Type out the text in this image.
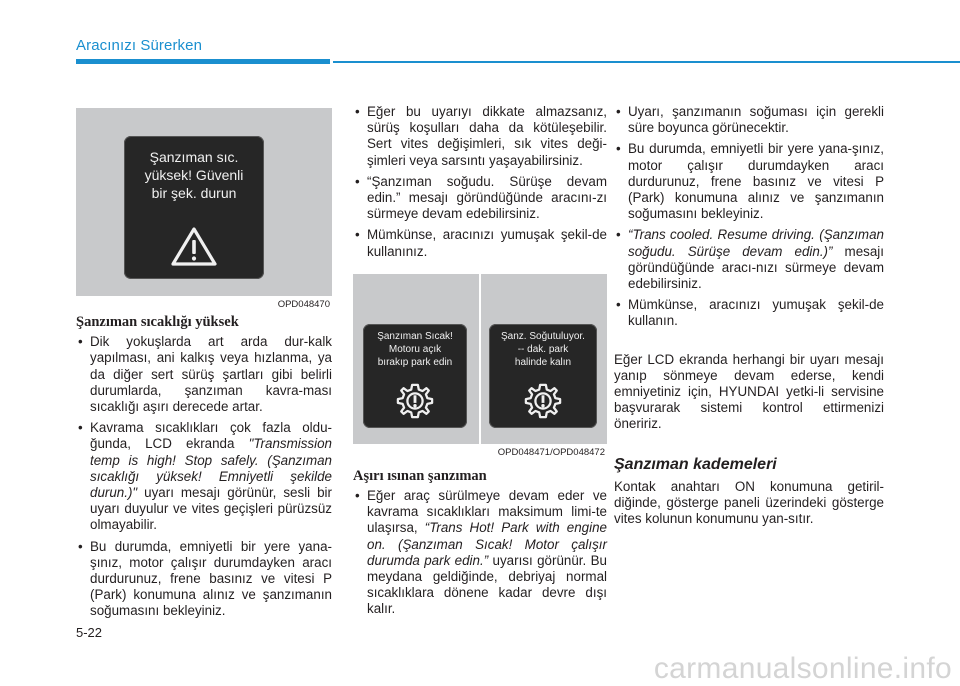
Aracınızı Sürerken
Şanzıman sıc.
yüksek! Güvenli
bir şek. durun
OPD048470
Şanzıman sıcaklığı yüksek
• Dik yokuşlarda art arda dur-kalk yapılması, ani kalkış veya hızlanma, ya da diğer sert sürüş şartları gibi belirli durumlarda, şanzıman kavra-ması sıcaklığı aşırı derecede artar.
• Kavrama sıcaklıkları çok fazla oldu-ğunda, LCD ekranda "Transmission temp is high! Stop safely. (Şanzıman sıcaklığı yüksek! Emniyetli şekilde durun.)" uyarı mesajı görünür, sesli bir uyarı duyulur ve vites geçişleri pürüzsüz olmayabilir.
• Bu durumda, emniyetli bir yere yana-şınız, motor çalışır durumdayken aracı durdurunuz, frene basınız ve vitesi P (Park) konumuna alınız ve şanzımanın soğumasını bekleyiniz.
• Eğer bu uyarıyı dikkate almazsanız, sürüş koşulları daha da kötüleşebilir. Sert vites değişimleri, sık vites deği-şimleri veya sarsıntı yaşayabilirsiniz.
• “Şanzıman soğudu. Sürüşe devam edin.” mesajı göründüğünde aracını-zı sürmeye devam edebilirsiniz.
• Mümkünse, aracınızı yumuşak şekil-de kullanınız.
Şanzıman Sıcak!
Motoru açık
bırakıp park edin
Şanz. Soğutuluyor.
-- dak. park
halinde kalın
OPD048471/OPD048472
Aşırı ısınan şanzıman
• Eğer araç sürülmeye devam eder ve kavrama sıcaklıkları maksimum limi-te ulaşırsa, “Trans Hot! Park with engine on. (Şanzıman Sıcak! Motor çalışır durumda park edin.” uyarısı görünür. Bu meydana geldiğinde, debriyaj normal sıcaklıklara dönene kadar devre dışı kalır.
• Uyarı, şanzımanın soğuması için gerekli süre boyunca görünecektir.
• Bu durumda, emniyetli bir yere yana-şınız, motor çalışır durumdayken aracı durdurunuz, frene basınız ve vitesi P (Park) konumuna alınız ve şanzımanın soğumasını bekleyiniz.
• “Trans cooled. Resume driving. (Şanzıman soğudu. Sürüşe devam edin.)” mesajı göründüğünde aracı-nızı sürmeye devam edebilirsiniz.
• Mümkünse, aracınızı yumuşak şekil-de kullanın.

Eğer LCD ekranda herhangi bir uyarı mesajı yanıp sönmeye devam ederse, kendi emniyetiniz için, HYUNDAI yetki-li servisine başvurarak sistemi kontrol ettirmenizi öneririz.

Şanzıman kademeleri

Kontak anahtarı ON konumuna getiril-diğinde, gösterge paneli üzerindeki gösterge vites kolunun konumunu yan-sıtır.

5-22
carmanualsonline.info
